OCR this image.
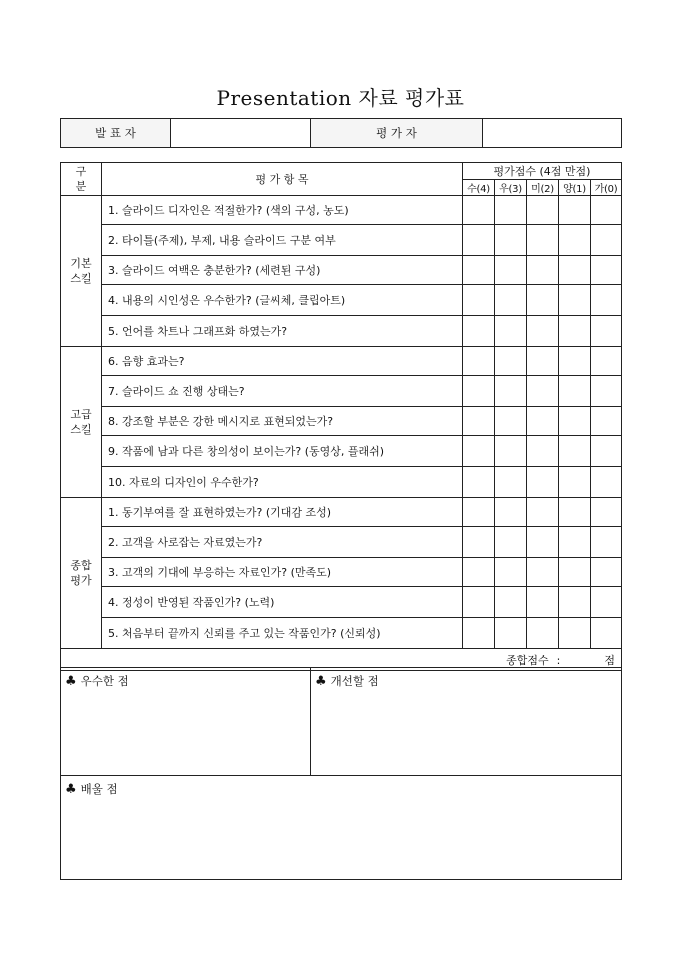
Presentation 자료 평가표
발 표 자		평 가 자	
구
분	평 가 항 목	평가점수 (4점 만점)				
		수(4)	우(3)	미(2)	양(1)	가(0)
기본
스킬	1. 슬라이드 디자인은 적절한가? (색의 구성, 농도)					
	2. 타이틀(주제), 부제, 내용 슬라이드 구분 여부					
	3. 슬라이드 여백은 충분한가? (세련된 구성)					
	4. 내용의 시인성은 우수한가? (글씨체, 클립아트)					
	5. 언어를 차트나 그래프화 하였는가?					
고급
스킬	6. 음향 효과는?					
	7. 슬라이드 쇼 진행 상태는?					
	8. 강조할 부분은 강한 메시지로 표현되었는가?					
	9. 작품에 남과 다른 창의성이 보이는가? (동영상, 플래쉬)					
	10. 자료의 디자인이 우수한가?					
종합
평가	1. 동기부여를 잘 표현하였는가? (기대감 조성)					
	2. 고객을 사로잡는 자료였는가?					
	3. 고객의 기대에 부응하는 자료인가? (만족도)					
	4. 정성이 반영된 작품인가? (노력)					
	5. 처음부터 끝까지 신뢰를 주고 있는 작품인가? (신뢰성)					
종합점수 : 점						
♣ 우수한 점	♣ 개선할 점
♣ 배울 점
